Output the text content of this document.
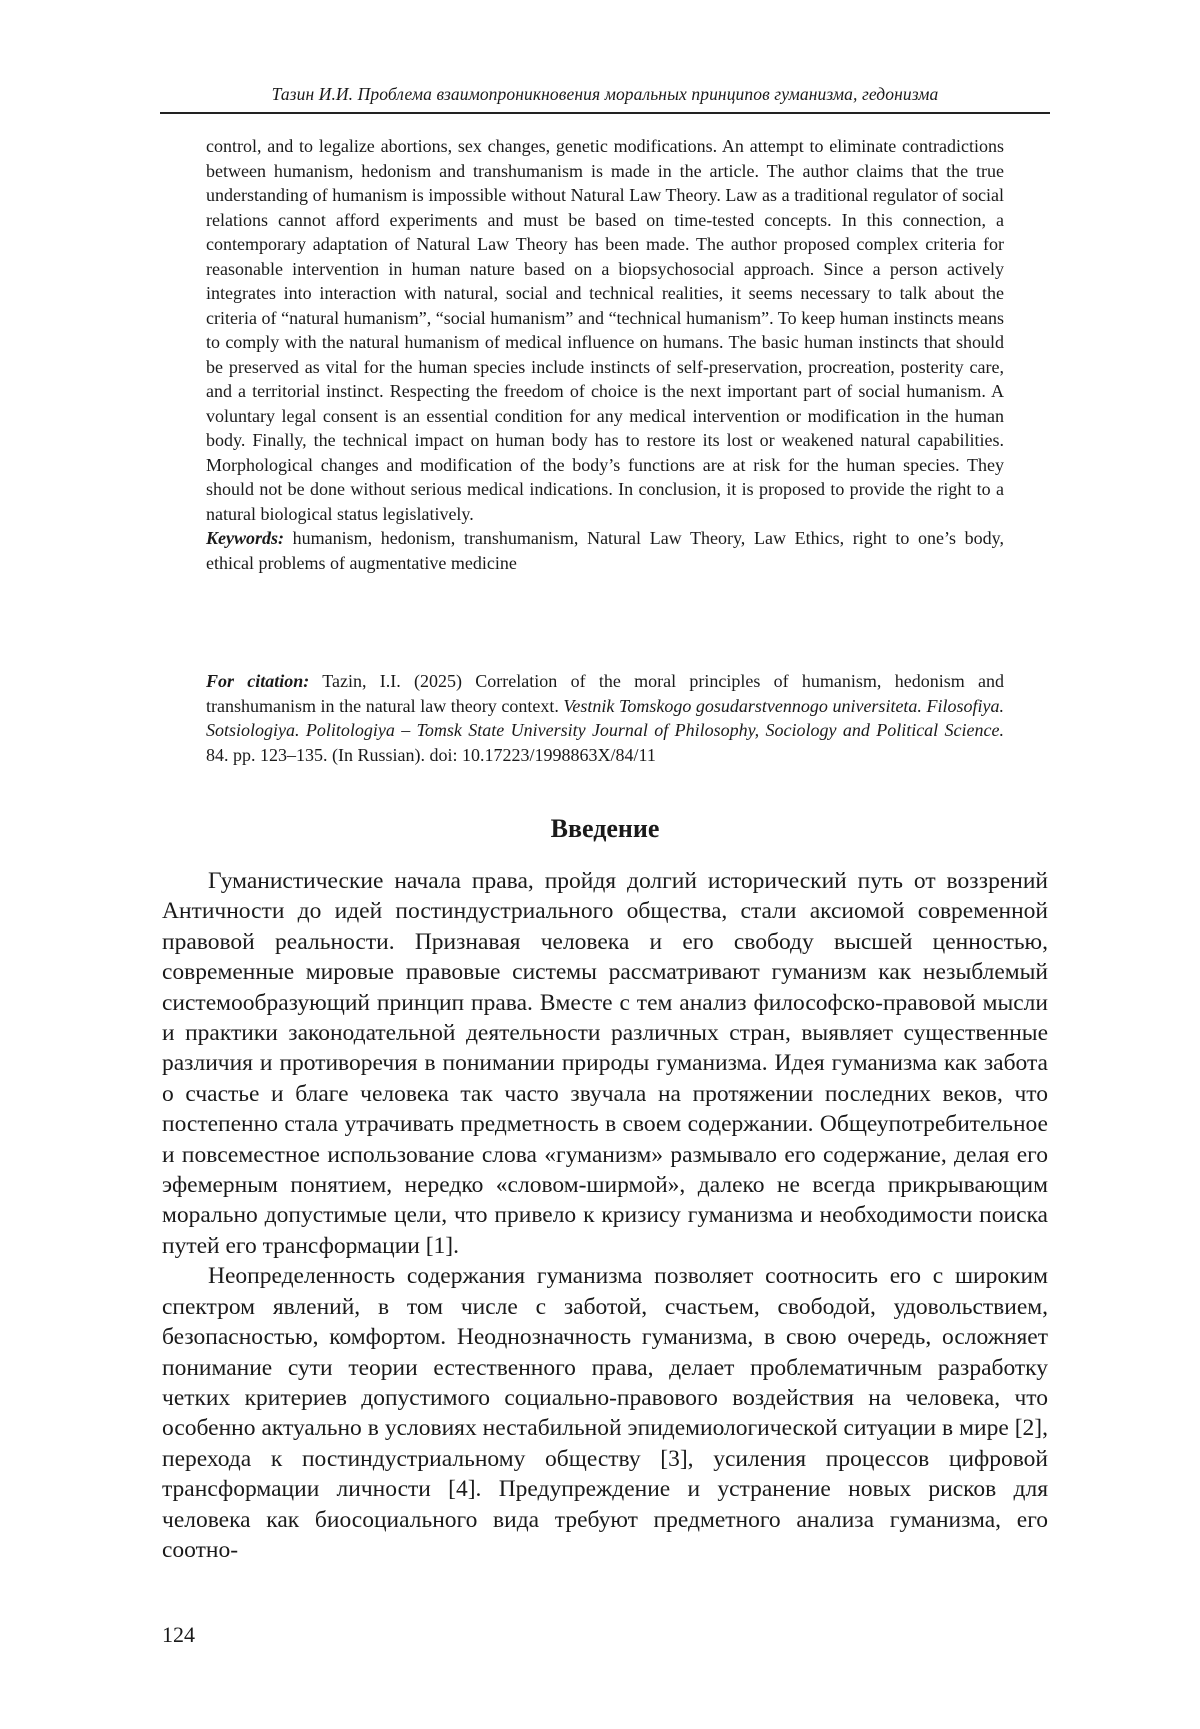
Тазин И.И. Проблема взаимопроникновения моральных принципов гуманизма, гедонизма

control, and to legalize abortions, sex changes, genetic modifications. An attempt to eliminate contradictions between humanism, hedonism and transhumanism is made in the article. The author claims that the true understanding of humanism is impossible without Natural Law Theory. Law as a traditional regulator of social relations cannot afford experiments and must be based on time-tested concepts. In this connection, a contemporary adaptation of Natural Law Theory has been made. The author proposed complex criteria for reasonable intervention in human nature based on a biopsychosocial approach. Since a person actively integrates into interaction with natural, social and technical realities, it seems necessary to talk about the criteria of “natural humanism”, “social humanism” and “technical humanism”. To keep human instincts means to comply with the natural humanism of medical influence on humans. The basic human instincts that should be preserved as vital for the human species include instincts of self-preservation, procreation, posterity care, and a territorial instinct. Respecting the freedom of choice is the next important part of social humanism. A voluntary legal consent is an essential condition for any medical intervention or modification in the human body. Finally, the technical impact on human body has to restore its lost or weakened natural capabilities. Morphological changes and modification of the body’s functions are at risk for the human species. They should not be done without serious medical indications. In conclusion, it is proposed to provide the right to a natural biological status legislatively.

Keywords: humanism, hedonism, transhumanism, Natural Law Theory, Law Ethics, right to one’s body, ethical problems of augmentative medicine

For citation: Tazin, I.I. (2025) Correlation of the moral principles of humanism, hedonism and transhumanism in the natural law theory context. Vestnik Tomskogo gosudarstvennogo universiteta. Filosofiya. Sotsiologiya. Politologiya – Tomsk State University Journal of Philosophy, Sociology and Political Science. 84. pp. 123–135. (In Russian). doi: 10.17223/1998863X/84/11

Введение

Гуманистические начала права, пройдя долгий исторический путь от воззрений Античности до идей постиндустриального общества, стали аксиомой современной правовой реальности. Признавая человека и его свободу высшей ценностью, современные мировые правовые системы рассматривают гуманизм как незыблемый системообразующий принцип права. Вместе с тем анализ философско-правовой мысли и практики законодательной деятельности различных стран, выявляет существенные различия и противоречия в понимании природы гуманизма. Идея гуманизма как забота о счастье и благе человека так часто звучала на протяжении последних веков, что постепенно стала утрачивать предметность в своем содержании. Общеупотребительное и повсеместное использование слова «гуманизм» размывало его содержание, делая его эфемерным понятием, нередко «словом-ширмой», далеко не всегда прикрывающим морально допустимые цели, что привело к кризису гуманизма и необходимости поиска путей его трансформации [1].

Неопределенность содержания гуманизма позволяет соотносить его с широким спектром явлений, в том числе с заботой, счастьем, свободой, удовольствием, безопасностью, комфортом. Неоднозначность гуманизма, в свою очередь, осложняет понимание сути теории естественного права, делает проблематичным разработку четких критериев допустимого социально-правового воздействия на человека, что особенно актуально в условиях нестабильной эпидемиологической ситуации в мире [2], перехода к постиндустриальному обществу [3], усиления процессов цифровой трансформации личности [4]. Предупреждение и устранение новых рисков для человека как биосоциального вида требуют предметного анализа гуманизма, его соотно-

124
